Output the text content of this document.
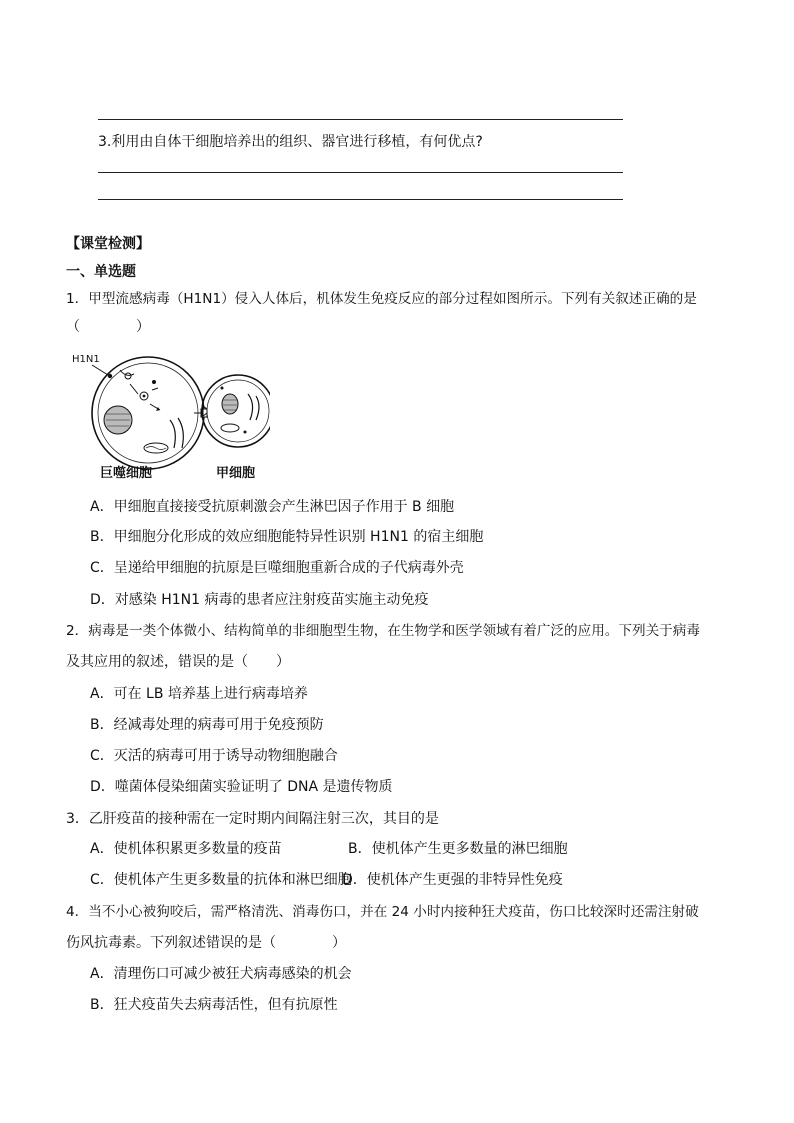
3.利用由自体干细胞培养出的组织、器官进行移植，有何优点?
【课堂检测】
一、单选题
1．甲型流感病毒（H1N1）侵入人体后，机体发生免疫反应的部分过程如图所示。下列有关叙述正确的是
（　　　　）
H1N1
巨噬细胞	甲细胞
A．甲细胞直接接受抗原刺激会产生淋巴因子作用于 B 细胞
B．甲细胞分化形成的效应细胞能特异性识别 H1N1 的宿主细胞
C．呈递给甲细胞的抗原是巨噬细胞重新合成的子代病毒外壳
D．对感染 H1N1 病毒的患者应注射疫苗实施主动免疫
2．病毒是一类个体微小、结构简单的非细胞型生物，在生物学和医学领域有着广泛的应用。下列关于病毒
及其应用的叙述，错误的是（　　）
A．可在 LB 培养基上进行病毒培养
B．经减毒处理的病毒可用于免疫预防
C．灭活的病毒可用于诱导动物细胞融合
D．噬菌体侵染细菌实验证明了 DNA 是遗传物质
3．乙肝疫苗的接种需在一定时期内间隔注射三次，其目的是
A．使机体积累更多数量的疫苗	B．使机体产生更多数量的淋巴细胞
C．使机体产生更多数量的抗体和淋巴细胞
D．使机体产生更强的非特异性免疫
4．当不小心被狗咬后，需严格清洗、消毒伤口，并在 24 小时内接种狂犬疫苗，伤口比较深时还需注射破
伤风抗毒素。下列叙述错误的是（　　　　）
A．清理伤口可减少被狂犬病毒感染的机会
B．狂犬疫苗失去病毒活性，但有抗原性
